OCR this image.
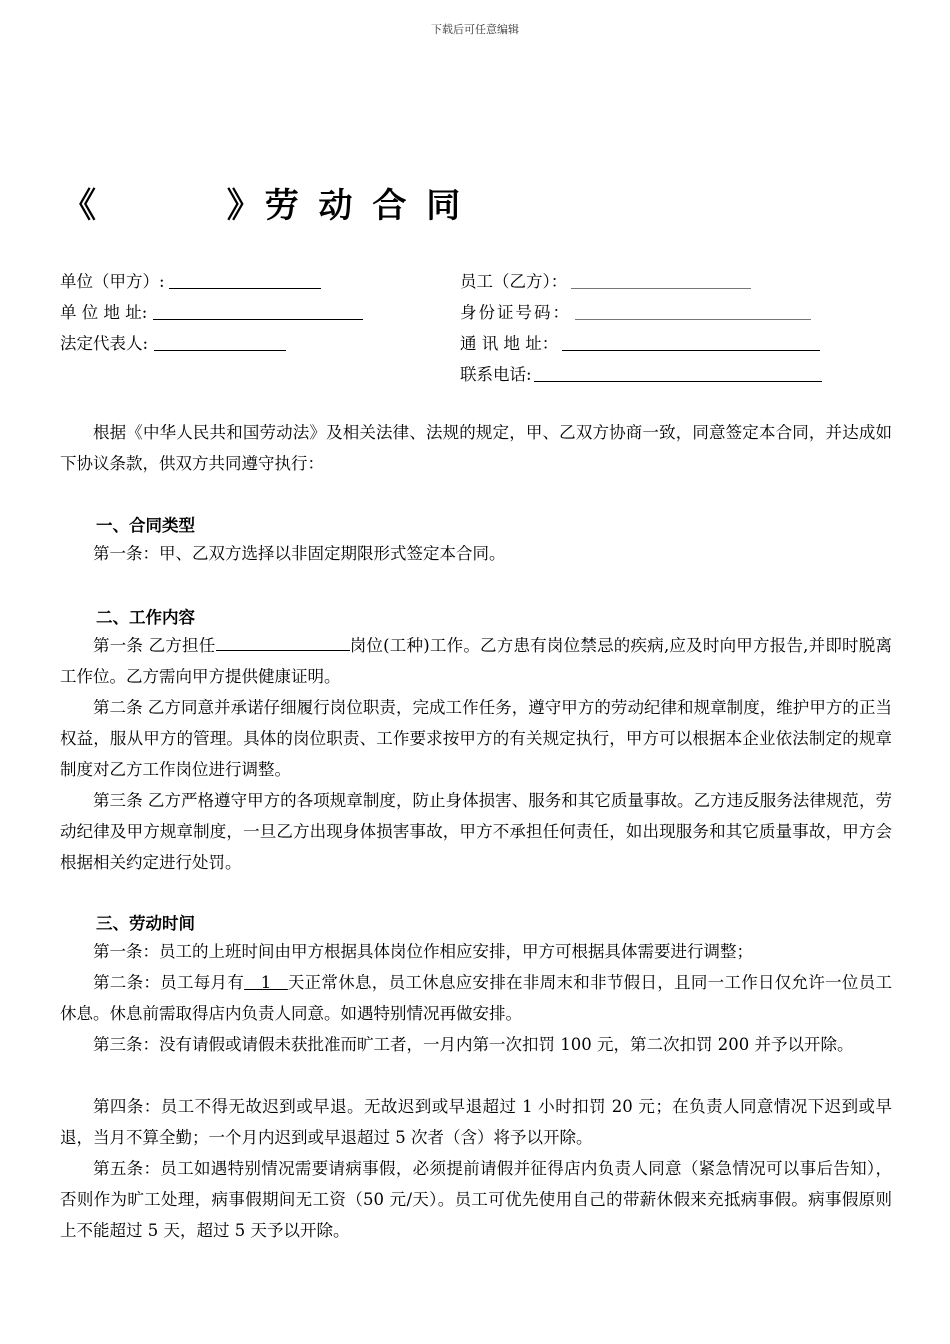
下载后可任意编辑
《        》劳 动 合 同
单位（甲方）:
单 位 地 址:
法定代表人:
员工（乙方）：
身份证号码：
通 讯 地 址：
联系电话:
根据《中华人民共和国劳动法》及相关法律、法规的规定，甲、乙双方协商一致，同意签定本合同，并达成如下协议条款，供双方共同遵守执行：
一、合同类型
第一条：甲、乙双方选择以非固定期限形式签定本合同。
二、工作内容
第一条 乙方担任	岗位(工种)工作。乙方患有岗位禁忌的疾病,应及时向甲方报告,并即时脱离工作位。乙方需向甲方提供健康证明。
第二条 乙方同意并承诺仔细履行岗位职责，完成工作任务，遵守甲方的劳动纪律和规章制度，维护甲方的正当权益，服从甲方的管理。具体的岗位职责、工作要求按甲方的有关规定执行，甲方可以根据本企业依法制定的规章制度对乙方工作岗位进行调整。
第三条 乙方严格遵守甲方的各项规章制度，防止身体损害、服务和其它质量事故。乙方违反服务法律规范，劳动纪律及甲方规章制度，一旦乙方出现身体损害事故，甲方不承担任何责任，如出现服务和其它质量事故，甲方会根据相关约定进行处罚。
三、劳动时间
第一条：员工的上班时间由甲方根据具体岗位作相应安排，甲方可根据具体需要进行调整；
第二条：员工每月有   1   天正常休息，员工休息应安排在非周末和非节假日，且同一工作日仅允许一位员工休息。休息前需取得店内负责人同意。如遇特别情况再做安排。
第三条：没有请假或请假未获批准而旷工者，一月内第一次扣罚 100 元，第二次扣罚 200 并予以开除。
第四条：员工不得无故迟到或早退。无故迟到或早退超过 1 小时扣罚 20 元；在负责人同意情况下迟到或早退，当月不算全勤；一个月内迟到或早退超过 5 次者（含）将予以开除。
第五条：员工如遇特别情况需要请病事假，必须提前请假并征得店内负责人同意（紧急情况可以事后告知），否则作为旷工处理，病事假期间无工资（50 元/天）。员工可优先使用自己的带薪休假来充抵病事假。病事假原则上不能超过 5 天，超过 5 天予以开除。
